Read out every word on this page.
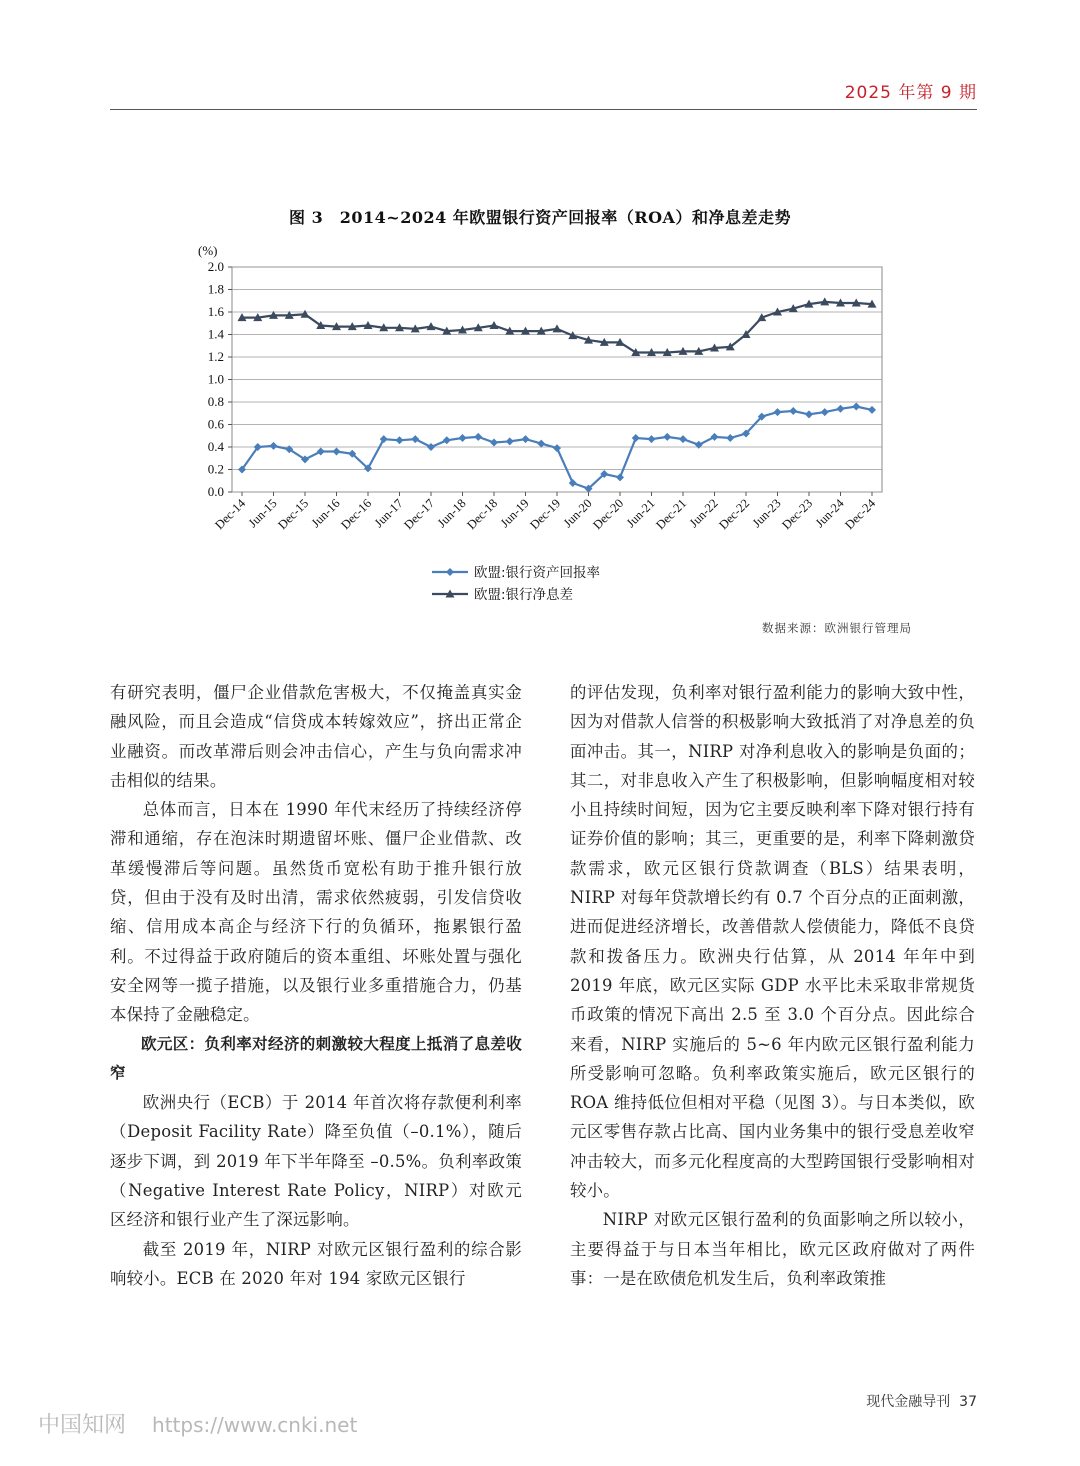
2025 年第 9 期
图 3　2014~2024 年欧盟银行资产回报率（ROA）和净息差走势
0.0
0.2
0.4
0.6
0.8
1.0
1.2
1.4
1.6
1.8
2.0
(%)
Dec-14
Jun-15
Dec-15
Jun-16
Dec-16
Jun-17
Dec-17
Jun-18
Dec-18
Jun-19
Dec-19
Jun-20
Dec-20
Jun-21
Dec-21
Jun-22
Dec-22
Jun-23
Dec-23
Jun-24
Dec-24
欧盟:银行资产回报率
欧盟:银行净息差
数据来源：欧洲银行管理局

有研究表明，僵尸企业借款危害极大，不仅掩盖真实金融风险，而且会造成“信贷成本转嫁效应”，挤出正常企业融资。而改革滞后则会冲击信心，产生与负向需求冲击相似的结果。

总体而言，日本在 1990 年代末经历了持续经济停滞和通缩，存在泡沫时期遗留坏账、僵尸企业借款、改革缓慢滞后等问题。虽然货币宽松有助于推升银行放贷，但由于没有及时出清，需求依然疲弱，引发信贷收缩、信用成本高企与经济下行的负循环，拖累银行盈利。不过得益于政府随后的资本重组、坏账处置与强化安全网等一揽子措施，以及银行业多重措施合力，仍基本保持了金融稳定。

欧元区：负利率对经济的刺激较大程度上抵消了息差收窄

欧洲央行（ECB）于 2014 年首次将存款便利利率（Deposit Facility Rate）降至负值（–0.1%），随后逐步下调，到 2019 年下半年降至 –0.5%。负利率政策（Negative Interest Rate Policy，NIRP）对欧元区经济和银行业产生了深远影响。

截至 2019 年，NIRP 对欧元区银行盈利的综合影响较小。ECB 在 2020 年对 194 家欧元区银行

的评估发现，负利率对银行盈利能力的影响大致中性，因为对借款人信誉的积极影响大致抵消了对净息差的负面冲击。其一，NIRP 对净利息收入的影响是负面的；其二，对非息收入产生了积极影响，但影响幅度相对较小且持续时间短，因为它主要反映利率下降对银行持有证券价值的影响；其三，更重要的是，利率下降刺激贷款需求，欧元区银行贷款调查（BLS）结果表明，NIRP 对每年贷款增长约有 0.7 个百分点的正面刺激，进而促进经济增长，改善借款人偿债能力，降低不良贷款和拨备压力。欧洲央行估算，从 2014 年年中到 2019 年底，欧元区实际 GDP 水平比未采取非常规货币政策的情况下高出 2.5 至 3.0 个百分点。因此综合来看，NIRP 实施后的 5~6 年内欧元区银行盈利能力所受影响可忽略。负利率政策实施后，欧元区银行的 ROA 维持低位但相对平稳（见图 3）。与日本类似，欧元区零售存款占比高、国内业务集中的银行受息差收窄冲击较大，而多元化程度高的大型跨国银行受影响相对较小。

NIRP 对欧元区银行盈利的负面影响之所以较小，主要得益于与日本当年相比，欧元区政府做对了两件事：一是在欧债危机发生后，负利率政策推

现代金融导刊 37
中国知网 https://www.cnki.net
